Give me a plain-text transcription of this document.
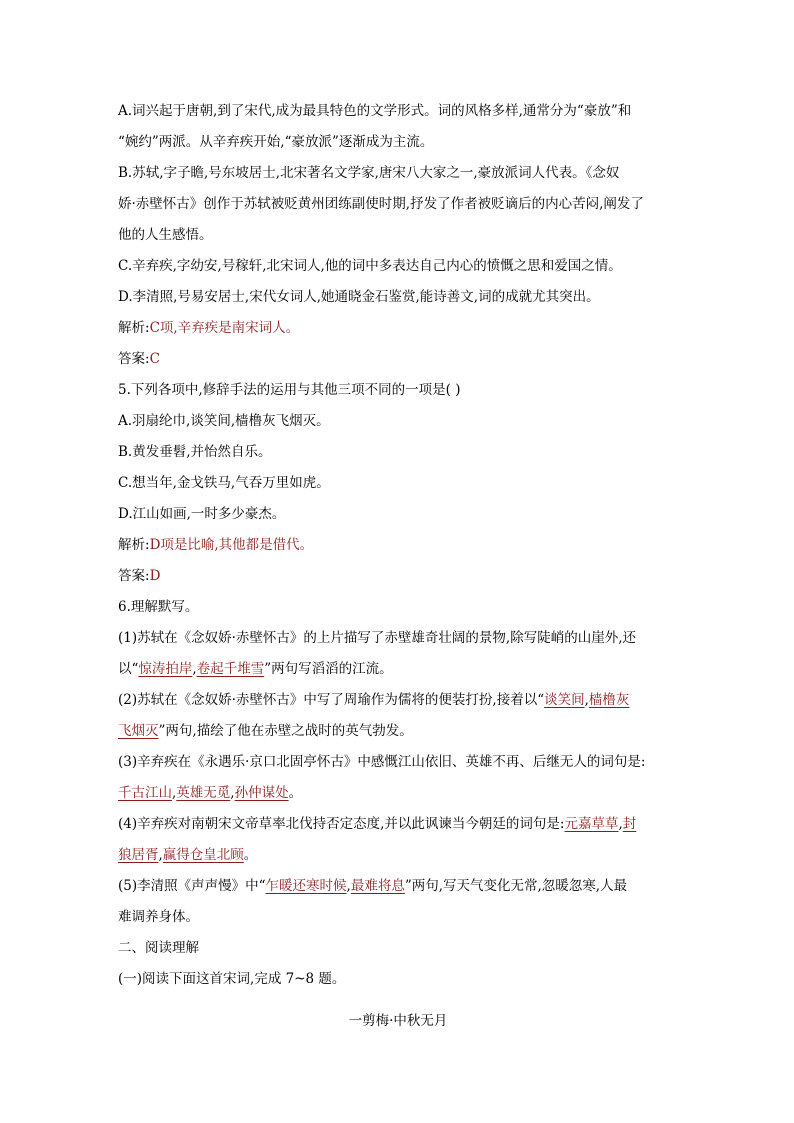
A.词兴起于唐朝,到了宋代,成为最具特色的文学形式。词的风格多样,通常分为“豪放”和
“婉约”两派。从辛弃疾开始,“豪放派”逐渐成为主流。
B.苏轼,字子瞻,号东坡居士,北宋著名文学家,唐宋八大家之一,豪放派词人代表。《念奴
娇·赤壁怀古》创作于苏轼被贬黄州团练副使时期,抒发了作者被贬谪后的内心苦闷,阐发了
他的人生感悟。
C.辛弃疾,字幼安,号稼轩,北宋词人,他的词中多表达自己内心的愤慨之思和爱国之情。
D.李清照,号易安居士,宋代女词人,她通晓金石鉴赏,能诗善文,词的成就尤其突出。
解析:C项,辛弃疾是南宋词人。
答案:C
5.下列各项中,修辞手法的运用与其他三项不同的一项是( )
A.羽扇纶巾,谈笑间,樯橹灰飞烟灭。
B.黄发垂髫,并怡然自乐。
C.想当年,金戈铁马,气吞万里如虎。
D.江山如画,一时多少豪杰。
解析:D项是比喻,其他都是借代。
答案:D
6.理解默写。
(1)苏轼在《念奴娇·赤壁怀古》的上片描写了赤壁雄奇壮阔的景物,除写陡峭的山崖外,还
以“惊涛拍岸,卷起千堆雪”两句写滔滔的江流。
(2)苏轼在《念奴娇·赤壁怀古》中写了周瑜作为儒将的便装打扮,接着以“谈笑间,樯橹灰
飞烟灭”两句,描绘了他在赤壁之战时的英气勃发。
(3)辛弃疾在《永遇乐·京口北固亭怀古》中感慨江山依旧、英雄不再、后继无人的词句是:
千古江山,英雄无觅,孙仲谋处。
(4)辛弃疾对南朝宋文帝草率北伐持否定态度,并以此讽谏当今朝廷的词句是:元嘉草草,封
狼居胥,赢得仓皇北顾。
(5)李清照《声声慢》中“乍暖还寒时候,最难将息”两句,写天气变化无常,忽暖忽寒,人最
难调养身体。
二、阅读理解
(一)阅读下面这首宋词,完成 7~8 题。
一剪梅·中秋无月
